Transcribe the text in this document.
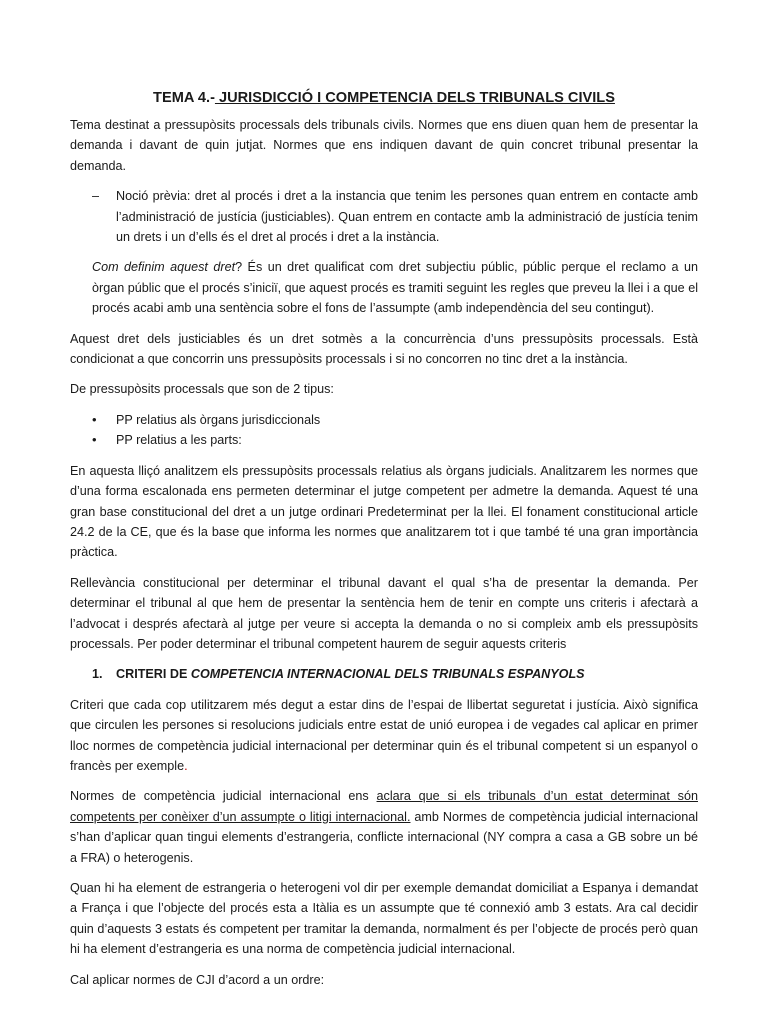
TEMA 4.- JURISDICCIÓ I COMPETENCIA DELS TRIBUNALS CIVILS

Tema destinat a pressupòsits processals dels tribunals civils. Normes que ens diuen quan hem de presentar la demanda i davant de quin jutjat. Normes que ens indiquen davant de quin concret tribunal presentar la demanda.

– Noció prèvia: dret al procés i dret a la instancia que tenim les persones quan entrem en contacte amb l’administració de justícia (justiciables). Quan entrem en contacte amb la administració de justícia tenim un drets i un d’ells és el dret al procés i dret a la instància.

Com definim aquest dret? És un dret qualificat com dret subjectiu públic, públic perque el reclamo a un òrgan públic que el procés s’iniciï, que aquest procés es tramiti seguint les regles que preveu la llei i a que el procés acabi amb una sentència sobre el fons de l’assumpte (amb independència del seu contingut).

Aquest dret dels justiciables és un dret sotmès a la concurrència d’uns pressupòsits processals. Està condicionat a que concorrin uns pressupòsits processals i si no concorren no tinc dret a la instància.

De pressupòsits processals que son de 2 tipus:

• PP relatius als òrgans jurisdiccionals
• PP relatius a les parts:

En aquesta lliçó analitzem els pressupòsits processals relatius als òrgans judicials. Analitzarem les normes que d’una forma escalonada ens permeten determinar el jutge competent per admetre la demanda. Aquest té una gran base constitucional del dret a un jutge ordinari Predeterminat per la llei. El fonament constitucional article 24.2 de la CE, que és la base que informa les normes que analitzarem tot i que també té una gran importància pràctica.

Rellevància constitucional per determinar el tribunal davant el qual s’ha de presentar la demanda. Per determinar el tribunal al que hem de presentar la sentència hem de tenir en compte uns criteris i afectarà a l’advocat i després afectarà al jutge per veure si accepta la demanda o no si compleix amb els pressupòsits processals. Per poder determinar el tribunal competent haurem de seguir aquests criteris

1. CRITERI DE COMPETENCIA INTERNACIONAL DELS TRIBUNALS ESPANYOLS

Criteri que cada cop utilitzarem més degut a estar dins de l’espai de llibertat seguretat i justícia. Això significa que circulen les persones si resolucions judicials entre estat de unió europea i de vegades cal aplicar en primer lloc normes de competència judicial internacional per determinar quin és el tribunal competent si un espanyol o francès per exemple.

Normes de competència judicial internacional ens aclara que si els tribunals d’un estat determinat són competents per conèixer d’un assumpte o litigi internacional. amb Normes de competència judicial internacional s’han d’aplicar quan tingui elements d’estrangeria, conflicte internacional (NY compra a casa a GB sobre un bé a FRA) o heterogenis.

Quan hi ha element de estrangeria o heterogeni vol dir per exemple demandat domiciliat a Espanya i demandat a França i que l’objecte del procés esta a Itàlia es un assumpte que té connexió amb 3 estats. Ara cal decidir quin d’aquests 3 estats és competent per tramitar la demanda, normalment és per l’objecte de procés però quan hi ha element d’estrangeria es una norma de competència judicial internacional.

Cal aplicar normes de CJI d’acord a un ordre:
